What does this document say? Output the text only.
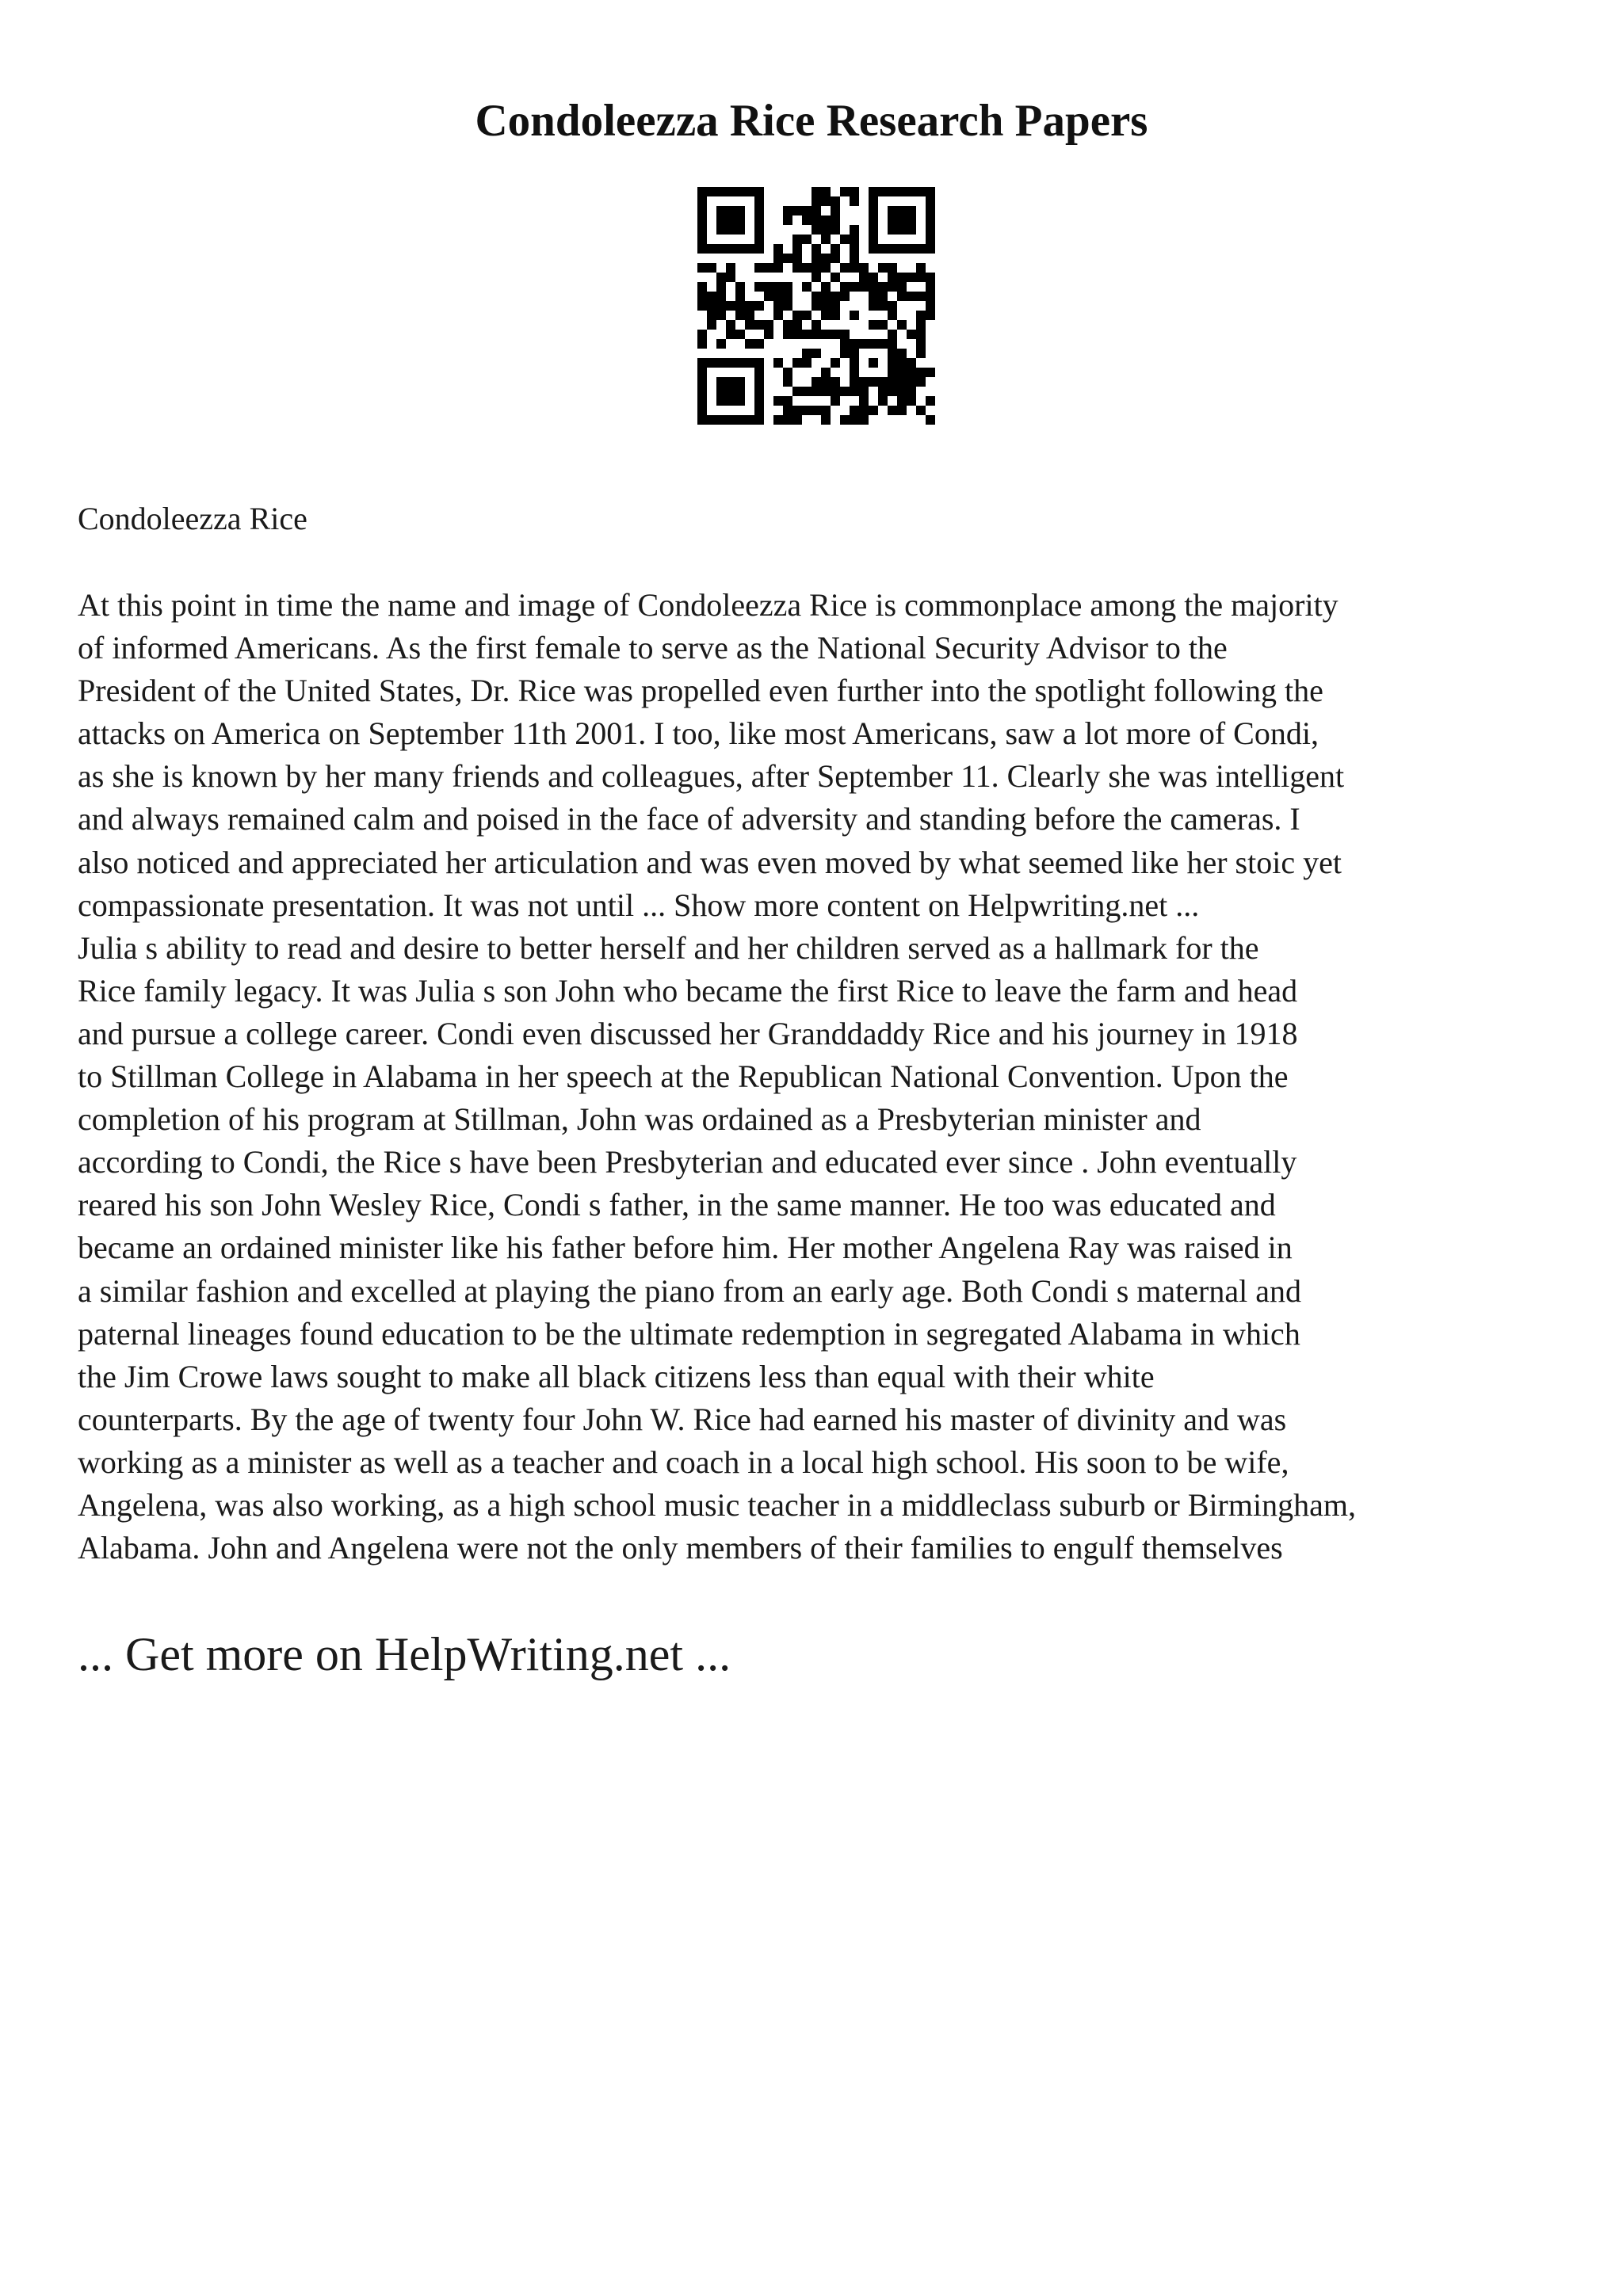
Condoleezza Rice Research Papers

Condoleezza Rice

At this point in time the name and image of Condoleezza Rice is commonplace among the majority
of informed Americans. As the first female to serve as the National Security Advisor to the
President of the United States, Dr. Rice was propelled even further into the spotlight following the
attacks on America on September 11th 2001. I too, like most Americans, saw a lot more of Condi,
as she is known by her many friends and colleagues, after September 11. Clearly she was intelligent
and always remained calm and poised in the face of adversity and standing before the cameras. I
also noticed and appreciated her articulation and was even moved by what seemed like her stoic yet
compassionate presentation. It was not until ... Show more content on Helpwriting.net ...
Julia s ability to read and desire to better herself and her children served as a hallmark for the
Rice family legacy. It was Julia s son John who became the first Rice to leave the farm and head
and pursue a college career. Condi even discussed her Granddaddy Rice and his journey in 1918
to Stillman College in Alabama in her speech at the Republican National Convention. Upon the
completion of his program at Stillman, John was ordained as a Presbyterian minister and
according to Condi, the Rice s have been Presbyterian and educated ever since . John eventually
reared his son John Wesley Rice, Condi s father, in the same manner. He too was educated and
became an ordained minister like his father before him. Her mother Angelena Ray was raised in
a similar fashion and excelled at playing the piano from an early age. Both Condi s maternal and
paternal lineages found education to be the ultimate redemption in segregated Alabama in which
the Jim Crowe laws sought to make all black citizens less than equal with their white
counterparts. By the age of twenty four John W. Rice had earned his master of divinity and was
working as a minister as well as a teacher and coach in a local high school. His soon to be wife,
Angelena, was also working, as a high school music teacher in a middleclass suburb or Birmingham,
Alabama. John and Angelena were not the only members of their families to engulf themselves

... Get more on HelpWriting.net ...
